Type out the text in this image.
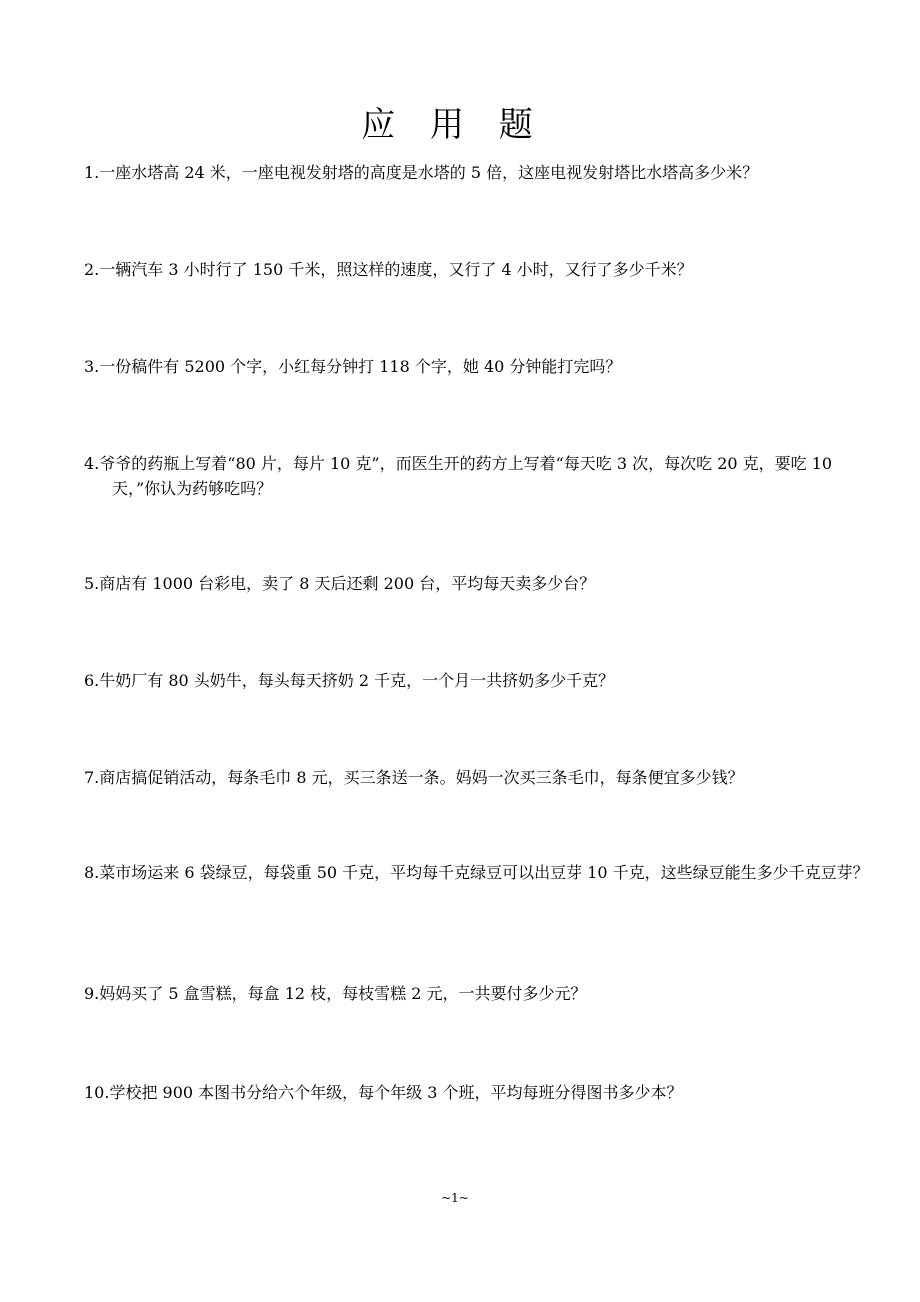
应 用 题
1.一座水塔高 24 米，一座电视发射塔的高度是水塔的 5 倍，这座电视发射塔比水塔高多少米？
2.一辆汽车 3 小时行了 150 千米，照这样的速度，又行了 4 小时，又行了多少千米？
3.一份稿件有 5200 个字，小红每分钟打 118 个字，她 40 分钟能打完吗？
4.爷爷的药瓶上写着“80 片，每片 10 克”，而医生开的药方上写着“每天吃 3 次，每次吃 20 克，要吃 10 天，”你认为药够吃吗？
5.商店有 1000 台彩电，卖了 8 天后还剩 200 台，平均每天卖多少台？
6.牛奶厂有 80 头奶牛，每头每天挤奶 2 千克，一个月一共挤奶多少千克？
7.商店搞促销活动，每条毛巾 8 元，买三条送一条。妈妈一次买三条毛巾，每条便宜多少钱？
8.菜市场运来 6 袋绿豆，每袋重 50 千克，平均每千克绿豆可以出豆芽 10 千克，这些绿豆能生多少千克豆芽？
9.妈妈买了 5 盒雪糕，每盒 12 枝，每枝雪糕 2 元，一共要付多少元？
10.学校把 900 本图书分给六个年级，每个年级 3 个班，平均每班分得图书多少本？
~1~
